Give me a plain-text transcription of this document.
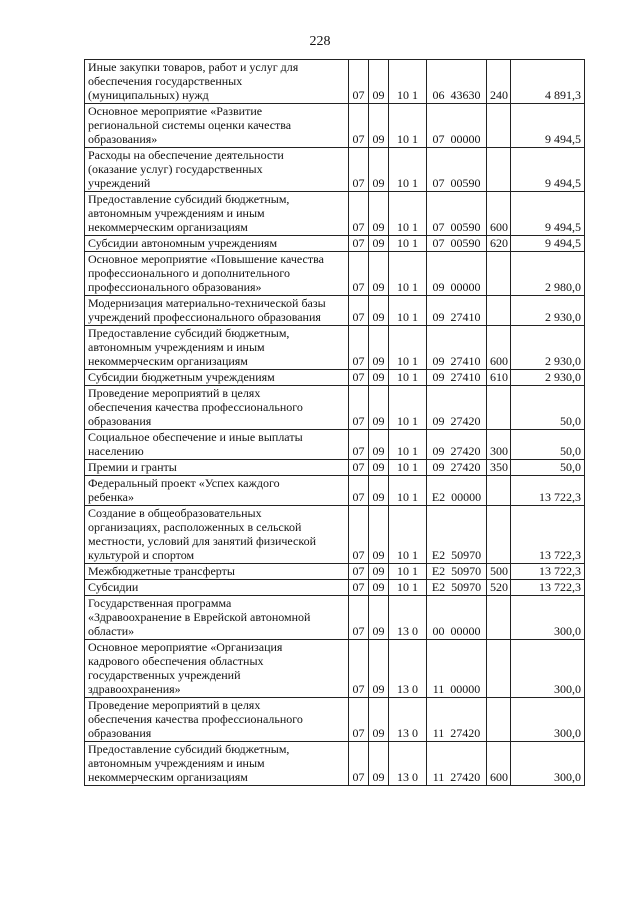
228
Иные закупки товаров, работ и услуг для
обеспечения государственных
(муниципальных) нужд	07	09	10 1	06 43630	240	4 891,3

Основное мероприятие «Развитие
региональной системы оценки качества
образования»	07	09	10 1	07 00000		9 494,5

Расходы на обеспечение деятельности
(оказание услуг) государственных
учреждений	07	09	10 1	07 00590		9 494,5

Предоставление субсидий бюджетным,
автономным учреждениям и иным
некоммерческим организациям	07	09	10 1	07 00590	600	9 494,5

Субсидии автономным учреждениям	07	09	10 1	07 00590	620	9 494,5

Основное мероприятие «Повышение качества
профессионального и дополнительного
профессионального образования»	07	09	10 1	09 00000		2 980,0

Модернизация материально-технической базы
учреждений профессионального образования	07	09	10 1	09 27410		2 930,0

Предоставление субсидий бюджетным,
автономным учреждениям и иным
некоммерческим организациям	07	09	10 1	09 27410	600	2 930,0

Субсидии бюджетным учреждениям	07	09	10 1	09 27410	610	2 930,0

Проведение мероприятий в целях
обеспечения качества профессионального
образования	07	09	10 1	09 27420		50,0

Социальное обеспечение и иные выплаты
населению	07	09	10 1	09 27420	300	50,0

Премии и гранты	07	09	10 1	09 27420	350	50,0

Федеральный проект «Успех каждого
ребенка»	07	09	10 1	E2 00000		13 722,3

Создание в общеобразовательных
организациях, расположенных в сельской
местности, условий для занятий физической
культурой и спортом	07	09	10 1	E2 50970		13 722,3

Межбюджетные трансферты	07	09	10 1	E2 50970	500	13 722,3

Субсидии	07	09	10 1	E2 50970	520	13 722,3

Государственная программа
«Здравоохранение в Еврейской автономной
области»	07	09	13 0	00 00000		300,0

Основное мероприятие «Организация
кадрового обеспечения областных
государственных учреждений
здравоохранения»	07	09	13 0	11 00000		300,0

Проведение мероприятий в целях
обеспечения качества профессионального
образования	07	09	13 0	11 27420		300,0

Предоставление субсидий бюджетным,
автономным учреждениям и иным
некоммерческим организациям	07	09	13 0	11 27420	600	300,0
